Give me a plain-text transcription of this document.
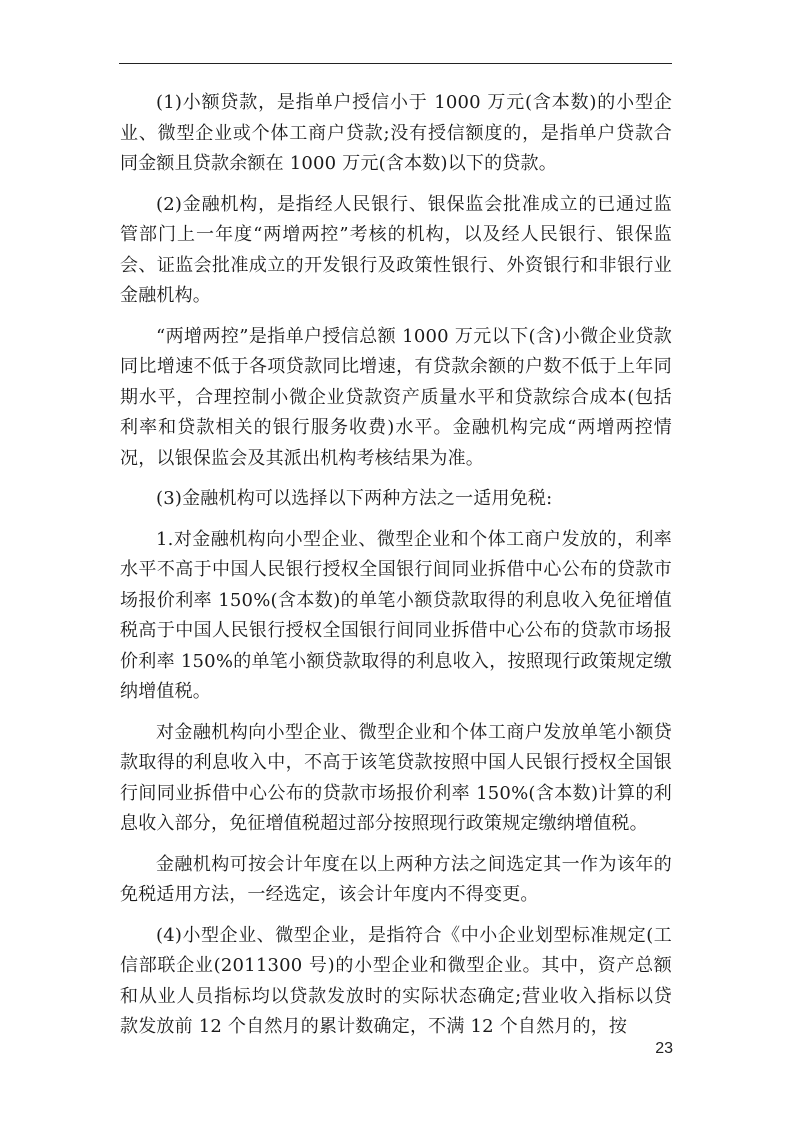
(1)小额贷款，是指单户授信小于 1000 万元(含本数)的小型企业、微型企业或个体工商户贷款;没有授信额度的，是指单户贷款合同金额且贷款余额在 1000 万元(含本数)以下的贷款。

(2)金融机构，是指经人民银行、银保监会批准成立的已通过监管部门上一年度“两增两控”考核的机构，以及经人民银行、银保监会、证监会批准成立的开发银行及政策性银行、外资银行和非银行业金融机构。

“两增两控”是指单户授信总额 1000 万元以下(含)小微企业贷款同比增速不低于各项贷款同比增速，有贷款余额的户数不低于上年同期水平，合理控制小微企业贷款资产质量水平和贷款综合成本(包括利率和贷款相关的银行服务收费)水平。金融机构完成“两增两控情况，以银保监会及其派出机构考核结果为准。

(3)金融机构可以选择以下两种方法之一适用免税:

1.对金融机构向小型企业、微型企业和个体工商户发放的，利率水平不高于中国人民银行授权全国银行间同业拆借中心公布的贷款市场报价利率 150%(含本数)的单笔小额贷款取得的利息收入免征增值税高于中国人民银行授权全国银行间同业拆借中心公布的贷款市场报价利率 150%的单笔小额贷款取得的利息收入，按照现行政策规定缴纳增值税。

对金融机构向小型企业、微型企业和个体工商户发放单笔小额贷款取得的利息收入中，不高于该笔贷款按照中国人民银行授权全国银行间同业拆借中心公布的贷款市场报价利率 150%(含本数)计算的利息收入部分，免征增值税超过部分按照现行政策规定缴纳增值税。

金融机构可按会计年度在以上两种方法之间选定其一作为该年的免税适用方法，一经选定，该会计年度内不得变更。

(4)小型企业、微型企业，是指符合《中小企业划型标准规定(工信部联企业(2011300 号)的小型企业和微型企业。其中，资产总额和从业人员指标均以贷款发放时的实际状态确定;营业收入指标以贷款发放前 12 个自然月的累计数确定，不满 12 个自然月的，按

23
